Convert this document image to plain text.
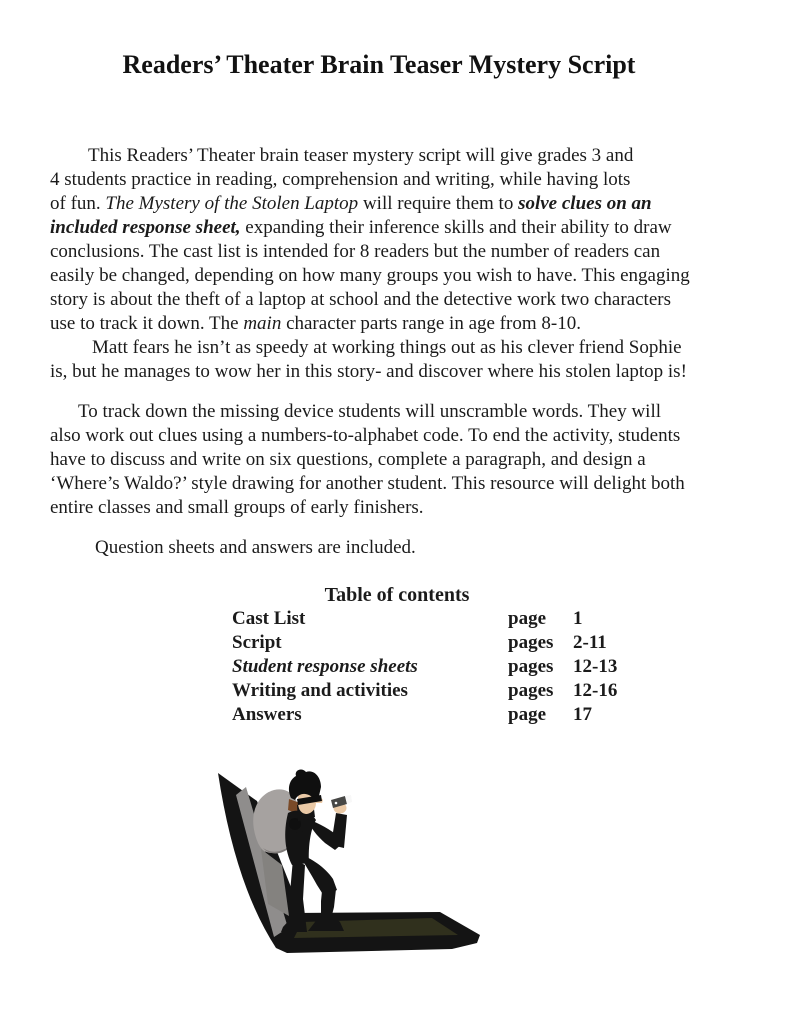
Readers’ Theater Brain Teaser Mystery Script
This Readers’ Theater brain teaser mystery script will give grades 3 and
4 students practice in reading, comprehension and writing, while having lots
of fun. The Mystery of the Stolen Laptop will require them to solve clues on an
included response sheet, expanding their inference skills and their ability to draw
conclusions. The cast list is intended for 8 readers but the number of readers can
easily be changed, depending on how many groups you wish to have. This engaging
story is about the theft of a laptop at school and the detective work two characters
use to track it down. The main character parts range in age from 8-10.
Matt fears he isn’t as speedy at working things out as his clever friend Sophie
is, but he manages to wow her in this story- and discover where his stolen laptop is!
To track down the missing device students will unscramble words. They will
also work out clues using a numbers-to-alphabet code. To end the activity, students
have to discuss and write on six questions, complete a paragraph, and design a
‘Where’s Waldo?’ style drawing for another student. This resource will delight both
entire classes and small groups of early finishers.
Question sheets and answers are included.
Table of contents
Cast List	page	1
Script	pages	2-11
Student response sheets	pages	12-13
Writing and activities	pages	12-16
Answers	page	17
